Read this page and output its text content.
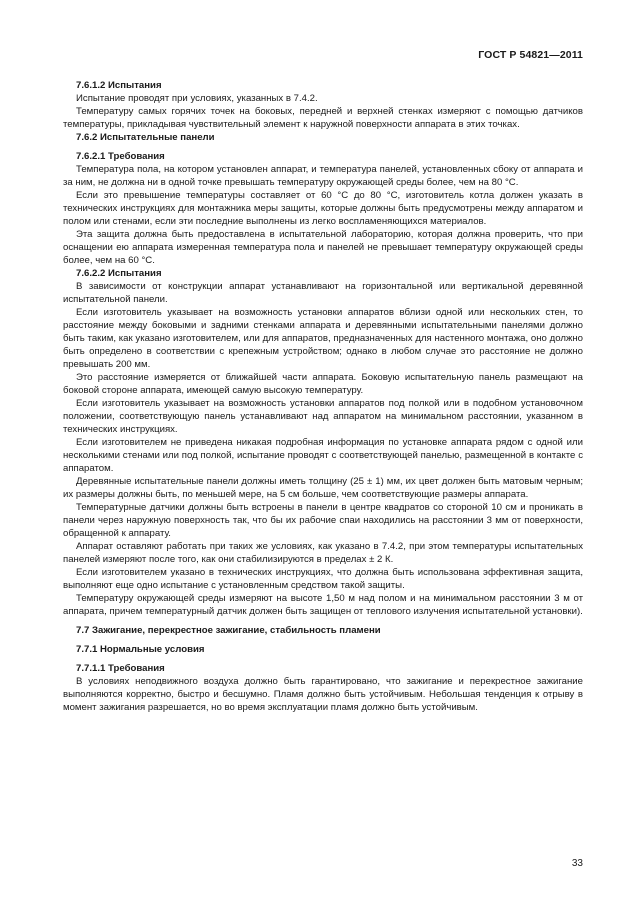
ГОСТ Р 54821—2011
7.6.1.2 Испытания
Испытание проводят при условиях, указанных в 7.4.2.
Температуру самых горячих точек на боковых, передней и верхней стенках измеряют с помощью датчиков температуры, прикладывая чувствительный элемент к наружной поверхности аппарата в этих точках.
7.6.2 Испытательные панели
7.6.2.1 Требования
Температура пола, на котором установлен аппарат, и температура панелей, установленных сбоку от аппарата и за ним, не должна ни в одной точке превышать температуру окружающей среды более, чем на 80 °С.
Если это превышение температуры составляет от 60 °С до 80 °С, изготовитель котла должен указать в технических инструкциях для монтажника меры защиты, которые должны быть предусмотрены между аппаратом и полом или стенами, если эти последние выполнены из легко воспламеняющихся материалов.
Эта защита должна быть предоставлена в испытательной лабораторию, которая должна проверить, что при оснащении ею аппарата измеренная температура пола и панелей не превышает температуру окружающей среды более, чем на 60 °С.
7.6.2.2 Испытания
В зависимости от конструкции аппарат устанавливают на горизонтальной или вертикальной деревянной испытательной панели.
Если изготовитель указывает на возможность установки аппаратов вблизи одной или нескольких стен, то расстояние между боковыми и задними стенками аппарата и деревянными испытательными панелями должно быть таким, как указано изготовителем, или для аппаратов, предназначенных для настенного монтажа, оно должно быть определено в соответствии с крепежным устройством; однако в любом случае это расстояние не должно превышать 200 мм.
Это расстояние измеряется от ближайшей части аппарата. Боковую испытательную панель размещают на боковой стороне аппарата, имеющей самую высокую температуру.
Если изготовитель указывает на возможность установки аппаратов под полкой или в подобном установочном положении, соответствующую панель устанавливают над аппаратом на минимальном расстоянии, указанном в технических инструкциях.
Если изготовителем не приведена никакая подробная информация по установке аппарата рядом с одной или несколькими стенами или под полкой, испытание проводят с соответствующей панелью, размещенной в контакте с аппаратом.
Деревянные испытательные панели должны иметь толщину (25 ± 1) мм, их цвет должен быть матовым черным; их размеры должны быть, по меньшей мере, на 5 см больше, чем соответствующие размеры аппарата.
Температурные датчики должны быть встроены в панели в центре квадратов со стороной 10 см и проникать в панели через наружную поверхность так, что бы их рабочие спаи находились на расстоянии 3 мм от поверхности, обращенной к аппарату.
Аппарат оставляют работать при таких же условиях, как указано в 7.4.2, при этом температуры испытательных панелей измеряют после того, как они стабилизируются в пределах ± 2 К.
Если изготовителем указано в технических инструкциях, что должна быть использована эффективная защита, выполняют еще одно испытание с установленным средством такой защиты.
Температуру окружающей среды измеряют на высоте 1,50 м над полом и на минимальном расстоянии 3 м от аппарата, причем температурный датчик должен быть защищен от теплового излучения испытательной установки).
7.7 Зажигание, перекрестное зажигание, стабильность пламени
7.7.1 Нормальные условия
7.7.1.1 Требования
В условиях неподвижного воздуха должно быть гарантировано, что зажигание и перекрестное зажигание выполняются корректно, быстро и бесшумно. Пламя должно быть устойчивым. Небольшая тенденция к отрыву в момент зажигания разрешается, но во время эксплуатации пламя должно быть устойчивым.
33
